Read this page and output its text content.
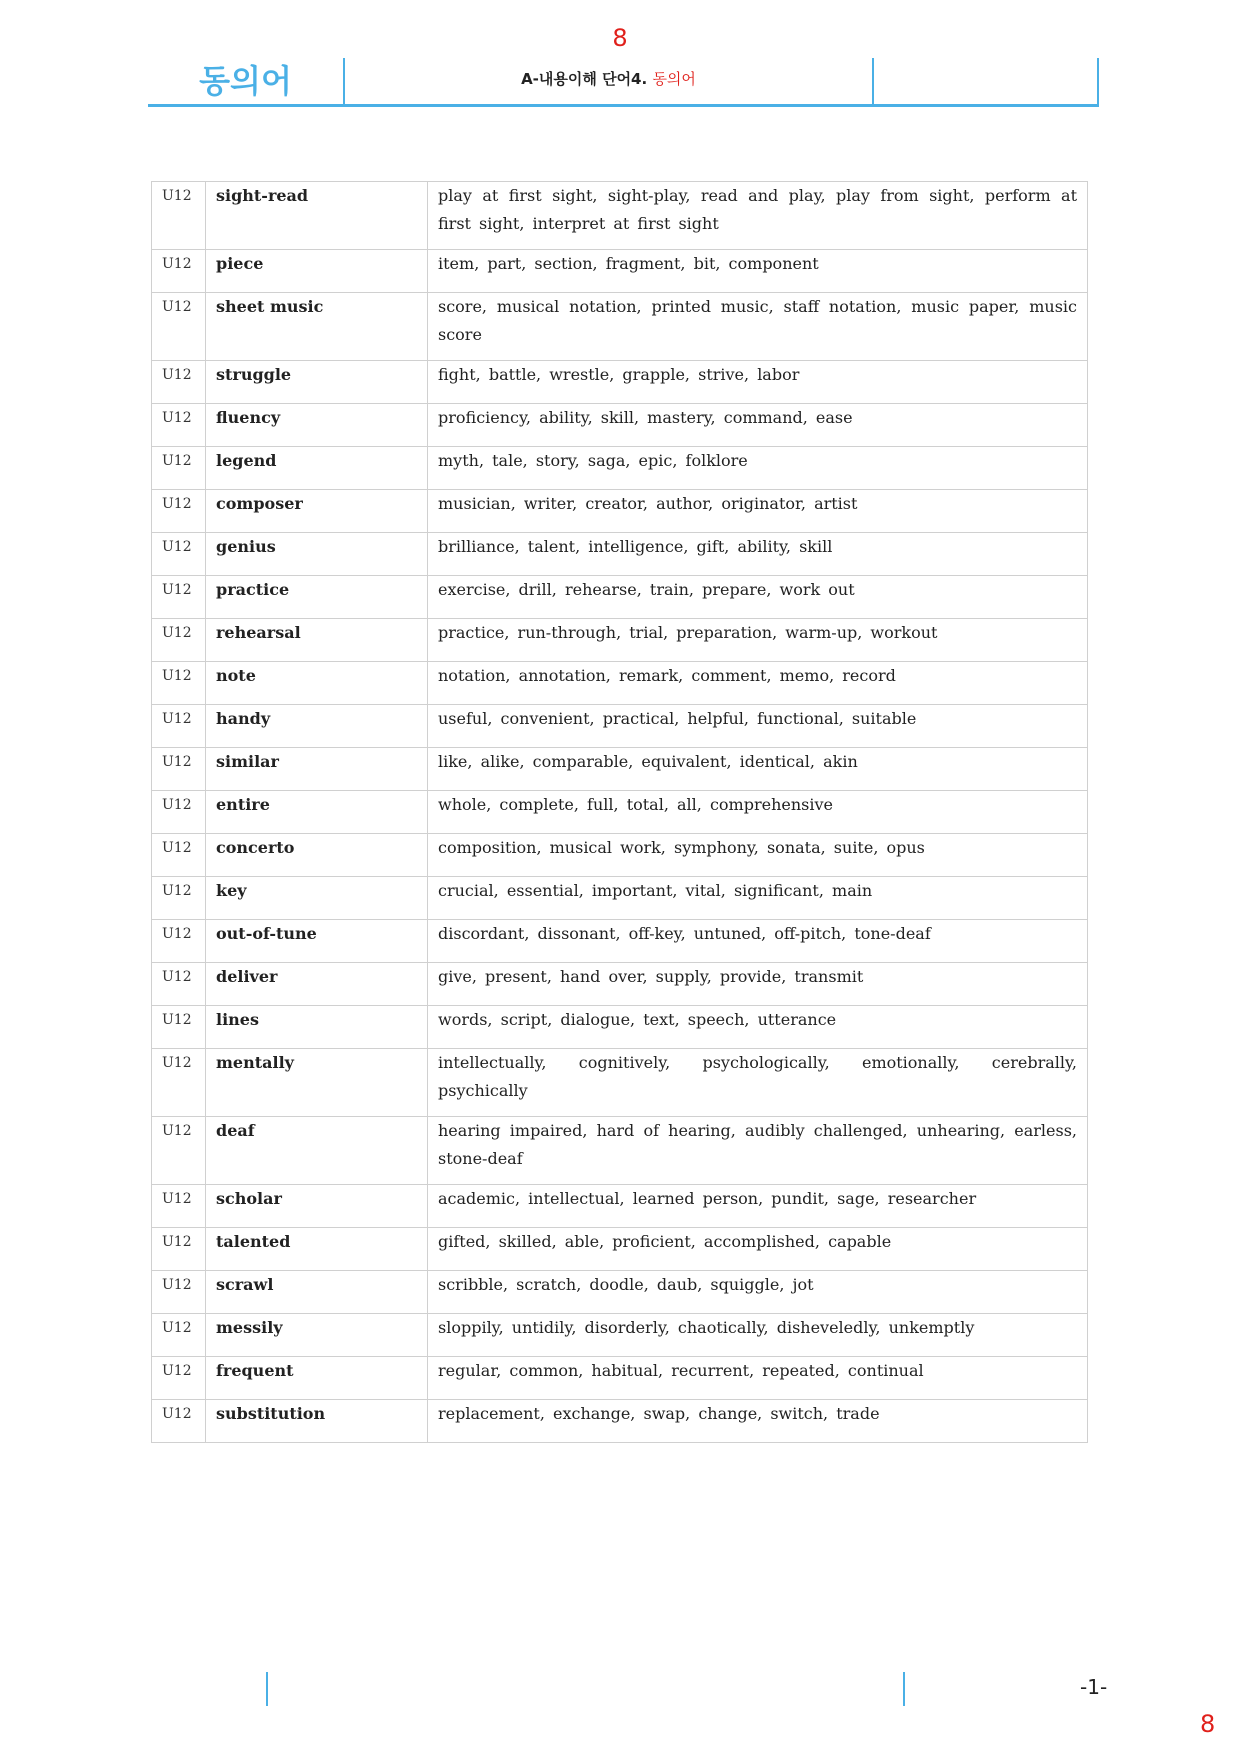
8
동의어	A-내용이해 단어4. 동의어
U12	sight-read	play at first sight, sight-play, read and play, play from sight, perform at first sight, interpret at first sight
U12	piece	item, part, section, fragment, bit, component
U12	sheet music	score, musical notation, printed music, staff notation, music paper, music score
U12	struggle	fight, battle, wrestle, grapple, strive, labor
U12	fluency	proficiency, ability, skill, mastery, command, ease
U12	legend	myth, tale, story, saga, epic, folklore
U12	composer	musician, writer, creator, author, originator, artist
U12	genius	brilliance, talent, intelligence, gift, ability, skill
U12	practice	exercise, drill, rehearse, train, prepare, work out
U12	rehearsal	practice, run-through, trial, preparation, warm-up, workout
U12	note	notation, annotation, remark, comment, memo, record
U12	handy	useful, convenient, practical, helpful, functional, suitable
U12	similar	like, alike, comparable, equivalent, identical, akin
U12	entire	whole, complete, full, total, all, comprehensive
U12	concerto	composition, musical work, symphony, sonata, suite, opus
U12	key	crucial, essential, important, vital, significant, main
U12	out-of-tune	discordant, dissonant, off-key, untuned, off-pitch, tone-deaf
U12	deliver	give, present, hand over, supply, provide, transmit
U12	lines	words, script, dialogue, text, speech, utterance
U12	mentally	intellectually, cognitively, psychologically, emotionally, cerebrally, psychically
U12	deaf	hearing impaired, hard of hearing, audibly challenged, unhearing, earless, stone-deaf
U12	scholar	academic, intellectual, learned person, pundit, sage, researcher
U12	talented	gifted, skilled, able, proficient, accomplished, capable
U12	scrawl	scribble, scratch, doodle, daub, squiggle, jot
U12	messily	sloppily, untidily, disorderly, chaotically, disheveledly, unkemptly
U12	frequent	regular, common, habitual, recurrent, repeated, continual
U12	substitution	replacement, exchange, swap, change, switch, trade
-1-
8
